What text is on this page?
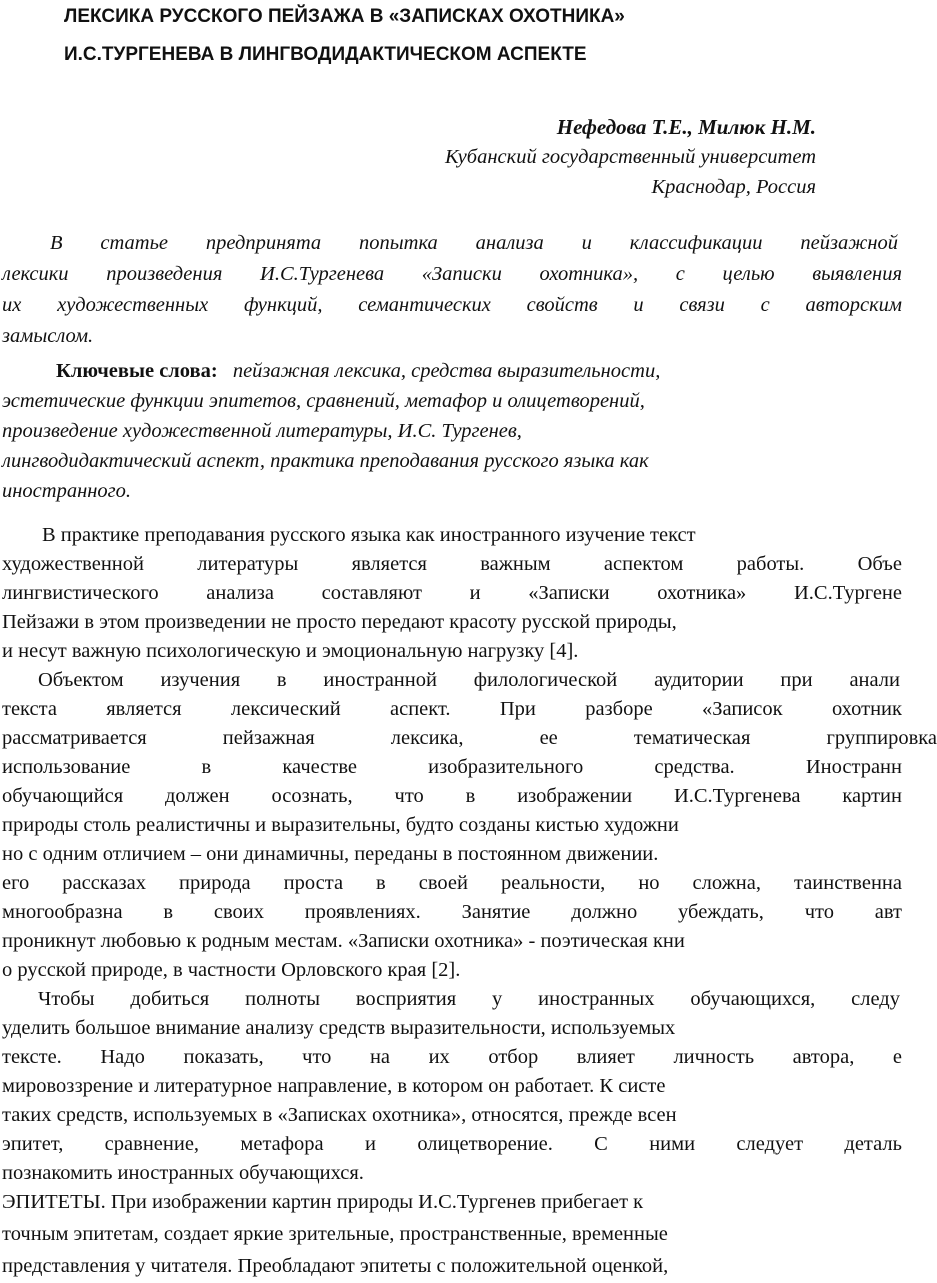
ЛЕКСИКА РУССКОГО ПЕЙЗАЖА В «ЗАПИСКАХ ОХОТНИКА»
И.С.ТУРГЕНЕВА В ЛИНГВОДИДАКТИЧЕСКОМ АСПЕКТЕ
Нефедова Т.Е., Милюк Н.М.
Кубанский государственный университет
Краснодар, Россия
В статье предпринята попытка анализа и классификации пейзажной
лексики произведения И.С.Тургенева «Записки охотника», с целью выявления
их художественных функций, семантических свойств и связи с авторским
замыслом.
Ключевые слова: пейзажная лексика, средства выразительности,
эстетические функции эпитетов, сравнений, метафор и олицетворений,
произведение художественной литературы, И.С. Тургенев,
лингводидактический аспект, практика преподавания русского языка как
иностранного.
В практике преподавания русского языка как иностранного изучение текст
художественной литературы является важным аспектом работы. Объе
лингвистического анализа составляют и «Записки охотника» И.С.Тургене
Пейзажи в этом произведении не просто передают красоту русской природы,
и несут важную психологическую и эмоциональную нагрузку [4].
Объектом изучения в иностранной филологической аудитории при анали
текста является лексический аспект. При разборе «Записок охотник
рассматривается пейзажная лексика, ее тематическая группировка
использование в качестве изобразительного средства. Иностранн
обучающийся должен осознать, что в изображении И.С.Тургенева картин
природы столь реалистичны и выразительны, будто созданы кистью художни
но с одним отличием – они динамичны, переданы в постоянном движении.
его рассказах природа проста в своей реальности, но сложна, таинственна
многообразна в своих проявлениях. Занятие должно убеждать, что авт
проникнут любовью к родным местам. «Записки охотника» - поэтическая кни
о русской природе, в частности Орловского края [2].
Чтобы добиться полноты восприятия у иностранных обучающихся, следу
уделить большое внимание анализу средств выразительности, используемых
тексте. Надо показать, что на их отбор влияет личность автора, е
мировоззрение и литературное направление, в котором он работает. К систе
таких средств, используемых в «Записках охотника», относятся, прежде всен
эпитет, сравнение, метафора и олицетворение. С ними следует деталь
познакомить иностранных обучающихся.
ЭПИТЕТЫ. При изображении картин природы И.С.Тургенев прибегает к
точным эпитетам, создает яркие зрительные, пространственные, временные
представления у читателя. Преобладают эпитеты с положительной оценкой,
